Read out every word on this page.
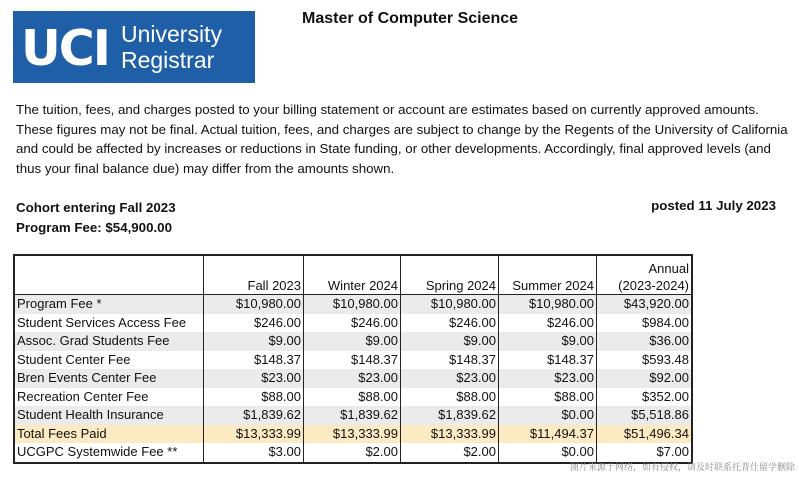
UCI University
Registrar
Master of Computer Science
The tuition, fees, and charges posted to your billing statement or account are estimates based on currently approved amounts. These figures may not be final. Actual tuition, fees, and charges are subject to change by the Regents of the University of California and could be affected by increases or reductions in State funding, or other developments. Accordingly, final approved levels (and thus your final balance due) may differ from the amounts shown.
Cohort entering Fall 2023
Program Fee: $54,900.00
posted 11 July 2023
	Fall 2023	Winter 2024	Spring 2024	Summer 2024	Annual
(2023-2024)
Program Fee *	$10,980.00	$10,980.00	$10,980.00	$10,980.00	$43,920.00
Student Services Access Fee	$246.00	$246.00	$246.00	$246.00	$984.00
Assoc. Grad Students Fee	$9.00	$9.00	$9.00	$9.00	$36.00
Student Center Fee	$148.37	$148.37	$148.37	$148.37	$593.48
Bren Events Center Fee	$23.00	$23.00	$23.00	$23.00	$92.00
Recreation Center Fee	$88.00	$88.00	$88.00	$88.00	$352.00
Student Health Insurance	$1,839.62	$1,839.62	$1,839.62	$0.00	$5,518.86
Total Fees Paid	$13,333.99	$13,333.99	$13,333.99	$11,494.37	$51,496.34
UCGPC Systemwide Fee **	$3.00	$2.00	$2.00	$0.00	$7.00
图片来源于网络，如有侵权，请及时联系托普仕留学删除
